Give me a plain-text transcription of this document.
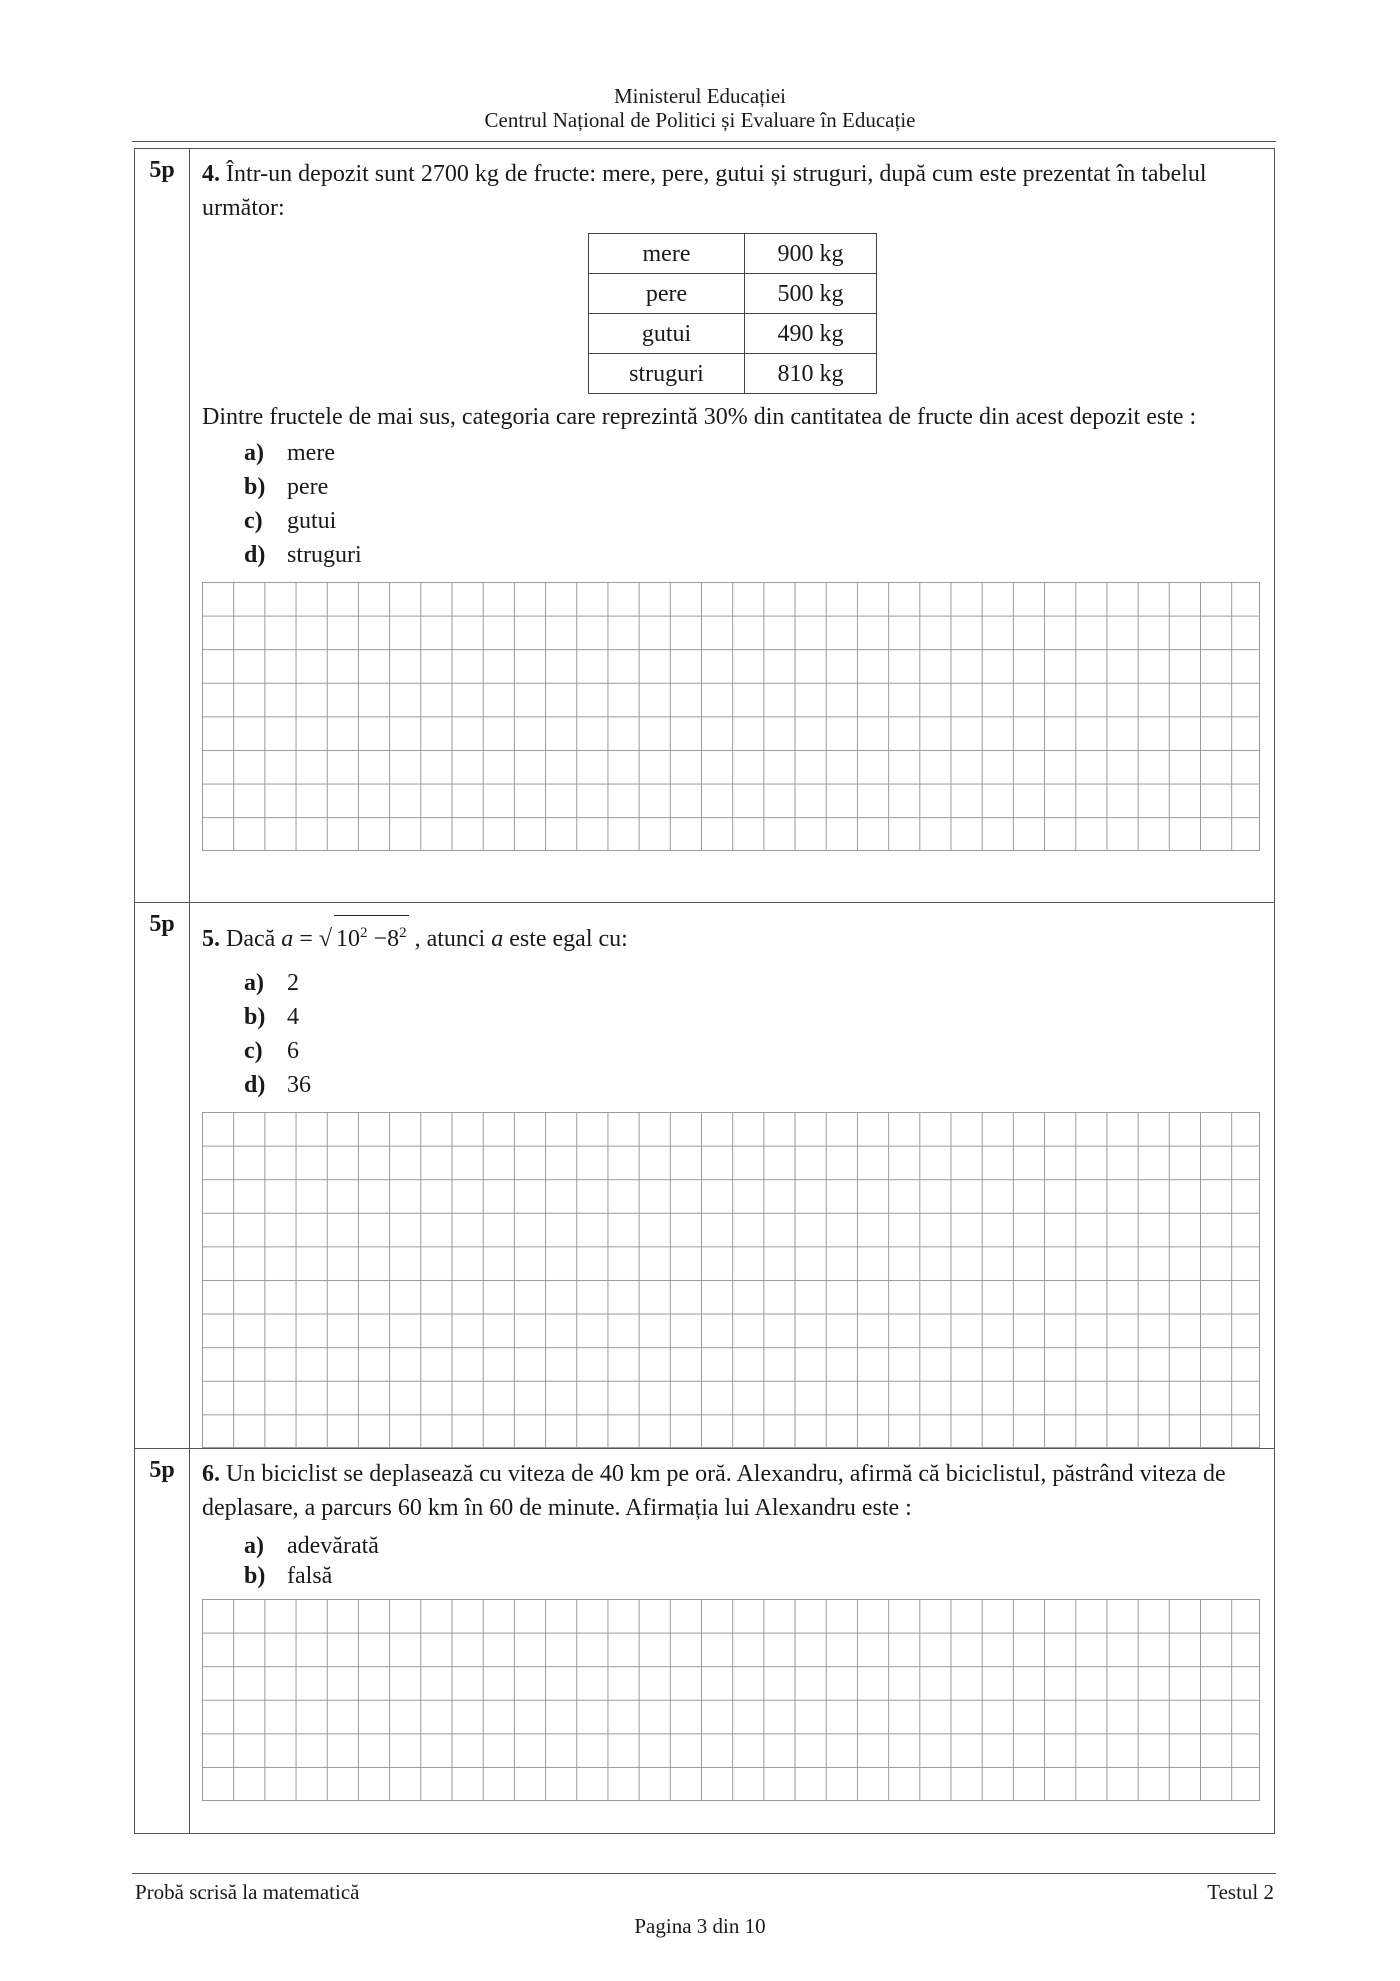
Ministerul Educației
Centrul Național de Politici și Evaluare în Educație
5p	4. Într-un depozit sunt 2700 kg de fructe: mere, pere, gutui și struguri, după cum este prezentat în tabelul următor:
mere	900 kg
pere	500 kg
gutui	490 kg
struguri	810 kg
Dintre fructele de mai sus, categoria care reprezintă 30% din cantitatea de fructe din acest depozit este :
a) mere
b) pere
c) gutui
d) struguri

5p	
5. Dacă a = √ $10^2 -8^2$ , atunci a este egal cu:
a) 2
b) 4
c) 6
d) 36

5p	6. Un biciclist se deplasează cu viteza de 40 km pe oră. Alexandru, afirmă că biciclistul, păstrând viteza de deplasare, a parcurs 60 km în 60 de minute. Afirmația lui Alexandru este :
a) adevărată
b) falsă
Probă scrisă la matematică	Testul 2
Pagina 3 din 10
